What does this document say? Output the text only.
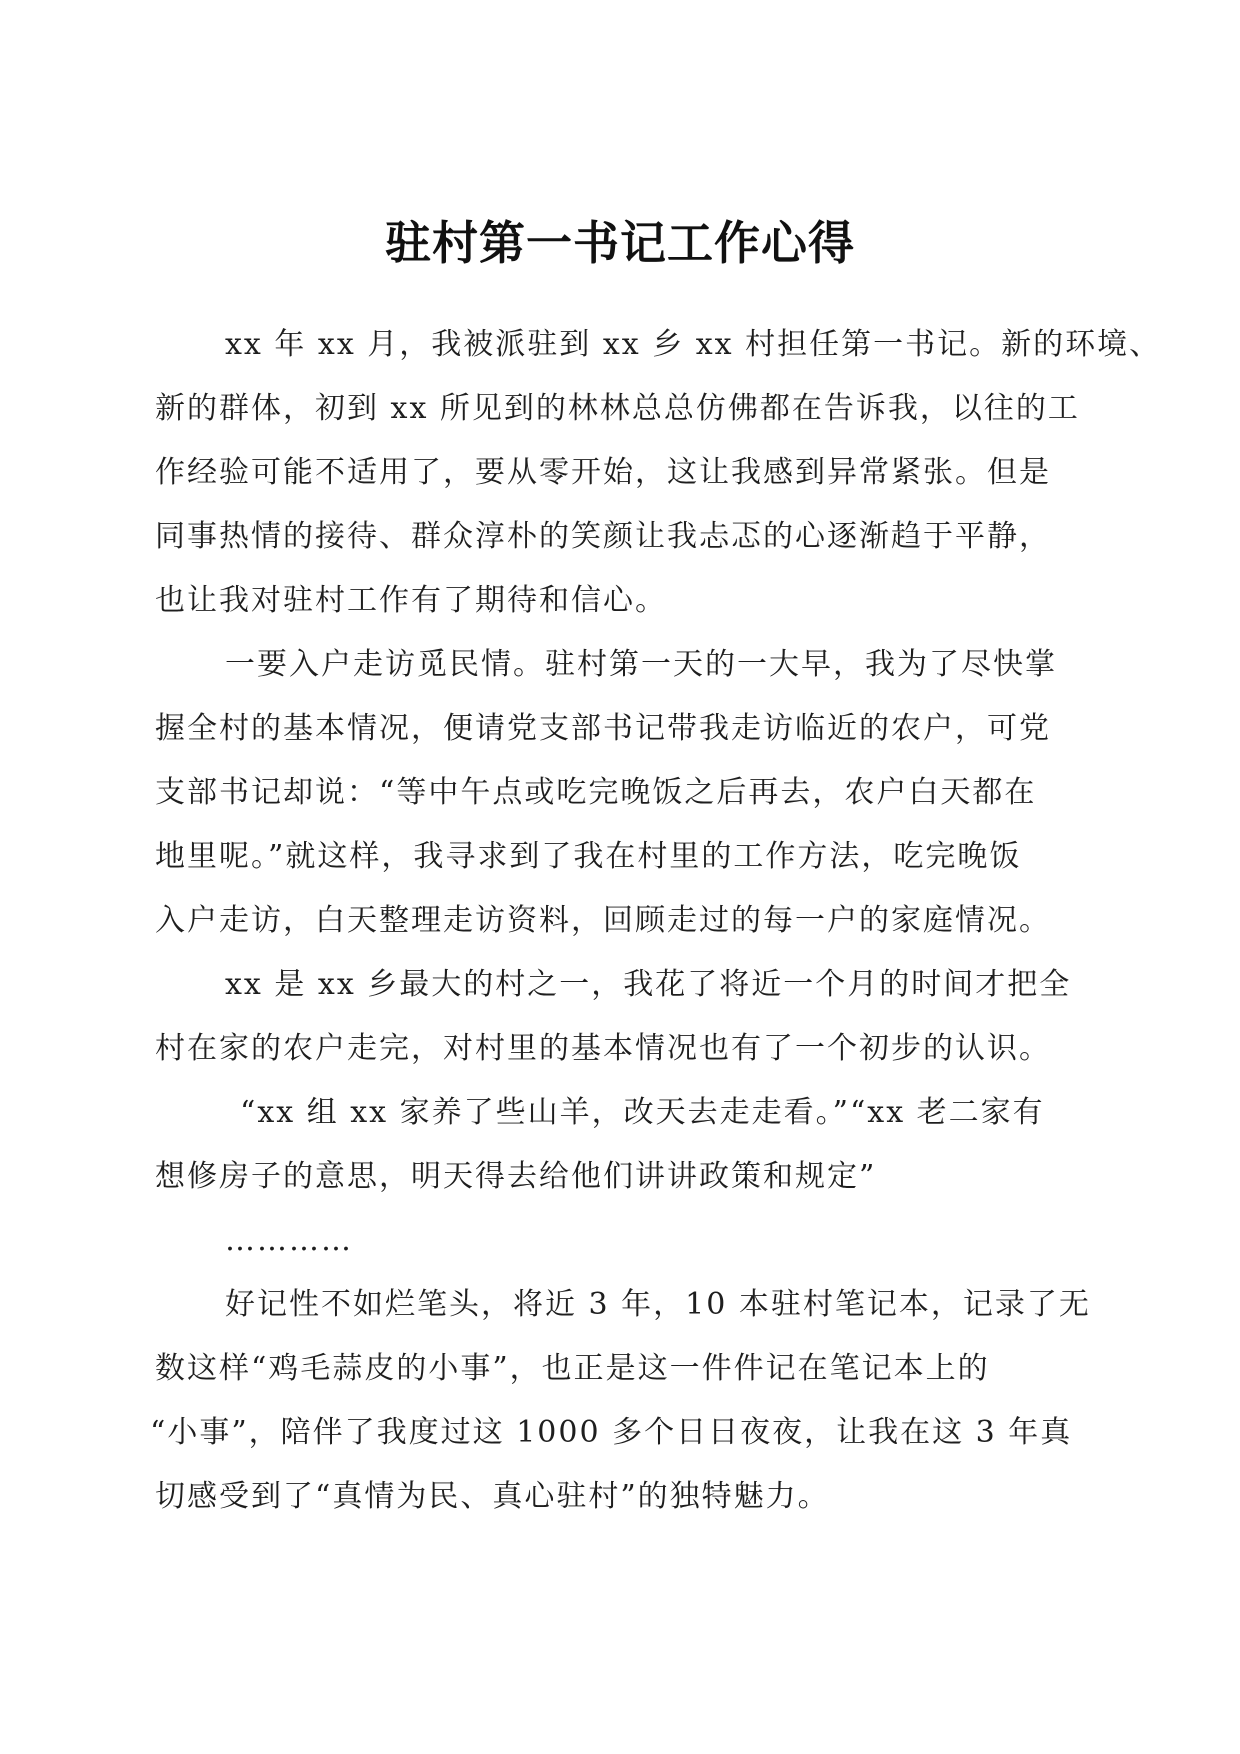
驻村第一书记工作心得
xx 年 xx 月，我被派驻到 xx 乡 xx 村担任第一书记。新的环境、
新的群体，初到 xx 所见到的林林总总仿佛都在告诉我，以往的工
作经验可能不适用了，要从零开始，这让我感到异常紧张。但是
同事热情的接待、群众淳朴的笑颜让我忐忑的心逐渐趋于平静，
也让我对驻村工作有了期待和信心。
一要入户走访觅民情。驻村第一天的一大早，我为了尽快掌
握全村的基本情况，便请党支部书记带我走访临近的农户，可党
支部书记却说：“等中午点或吃完晚饭之后再去，农户白天都在
地里呢。”就这样，我寻求到了我在村里的工作方法，吃完晚饭
入户走访，白天整理走访资料，回顾走过的每一户的家庭情况。
xx 是 xx 乡最大的村之一，我花了将近一个月的时间才把全
村在家的农户走完，对村里的基本情况也有了一个初步的认识。
“xx 组 xx 家养了些山羊，改天去走走看。”“xx 老二家有
想修房子的意思，明天得去给他们讲讲政策和规定”
…………
好记性不如烂笔头，将近 3 年，10 本驻村笔记本，记录了无
数这样“鸡毛蒜皮的小事”，也正是这一件件记在笔记本上的
“小事”，陪伴了我度过这 1000 多个日日夜夜，让我在这 3 年真
切感受到了“真情为民、真心驻村”的独特魅力。
